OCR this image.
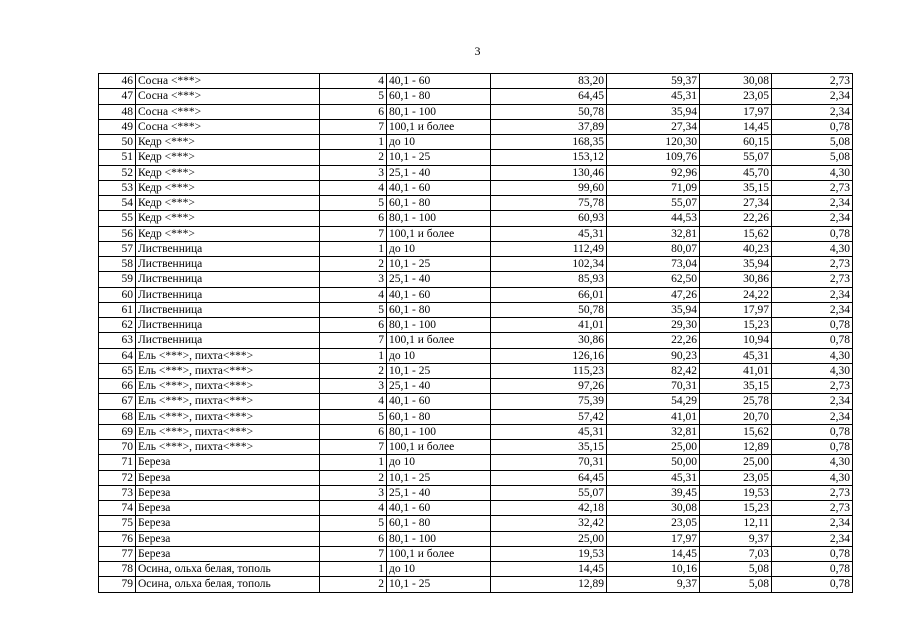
3
46	Сосна <***>	4	40,1 - 60	83,20	59,37	30,08	2,73
47	Сосна <***>	5	60,1 - 80	64,45	45,31	23,05	2,34
48	Сосна <***>	6	80,1 - 100	50,78	35,94	17,97	2,34
49	Сосна <***>	7	100,1 и более	37,89	27,34	14,45	0,78
50	Кедр <***>	1	до 10	168,35	120,30	60,15	5,08
51	Кедр <***>	2	10,1 - 25	153,12	109,76	55,07	5,08
52	Кедр <***>	3	25,1 - 40	130,46	92,96	45,70	4,30
53	Кедр <***>	4	40,1 - 60	99,60	71,09	35,15	2,73
54	Кедр <***>	5	60,1 - 80	75,78	55,07	27,34	2,34
55	Кедр <***>	6	80,1 - 100	60,93	44,53	22,26	2,34
56	Кедр <***>	7	100,1 и более	45,31	32,81	15,62	0,78
57	Лиственница	1	до 10	112,49	80,07	40,23	4,30
58	Лиственница	2	10,1 - 25	102,34	73,04	35,94	2,73
59	Лиственница	3	25,1 - 40	85,93	62,50	30,86	2,73
60	Лиственница	4	40,1 - 60	66,01	47,26	24,22	2,34
61	Лиственница	5	60,1 - 80	50,78	35,94	17,97	2,34
62	Лиственница	6	80,1 - 100	41,01	29,30	15,23	0,78
63	Лиственница	7	100,1 и более	30,86	22,26	10,94	0,78
64	Ель <***>, пихта<***>	1	до 10	126,16	90,23	45,31	4,30
65	Ель <***>, пихта<***>	2	10,1 - 25	115,23	82,42	41,01	4,30
66	Ель <***>, пихта<***>	3	25,1 - 40	97,26	70,31	35,15	2,73
67	Ель <***>, пихта<***>	4	40,1 - 60	75,39	54,29	25,78	2,34
68	Ель <***>, пихта<***>	5	60,1 - 80	57,42	41,01	20,70	2,34
69	Ель <***>, пихта<***>	6	80,1 - 100	45,31	32,81	15,62	0,78
70	Ель <***>, пихта<***>	7	100,1 и более	35,15	25,00	12,89	0,78
71	Береза	1	до 10	70,31	50,00	25,00	4,30
72	Береза	2	10,1 - 25	64,45	45,31	23,05	4,30
73	Береза	3	25,1 - 40	55,07	39,45	19,53	2,73
74	Береза	4	40,1 - 60	42,18	30,08	15,23	2,73
75	Береза	5	60,1 - 80	32,42	23,05	12,11	2,34
76	Береза	6	80,1 - 100	25,00	17,97	9,37	2,34
77	Береза	7	100,1 и более	19,53	14,45	7,03	0,78
78	Осина, ольха белая, тополь	1	до 10	14,45	10,16	5,08	0,78
79	Осина, ольха белая, тополь	2	10,1 - 25	12,89	9,37	5,08	0,78
